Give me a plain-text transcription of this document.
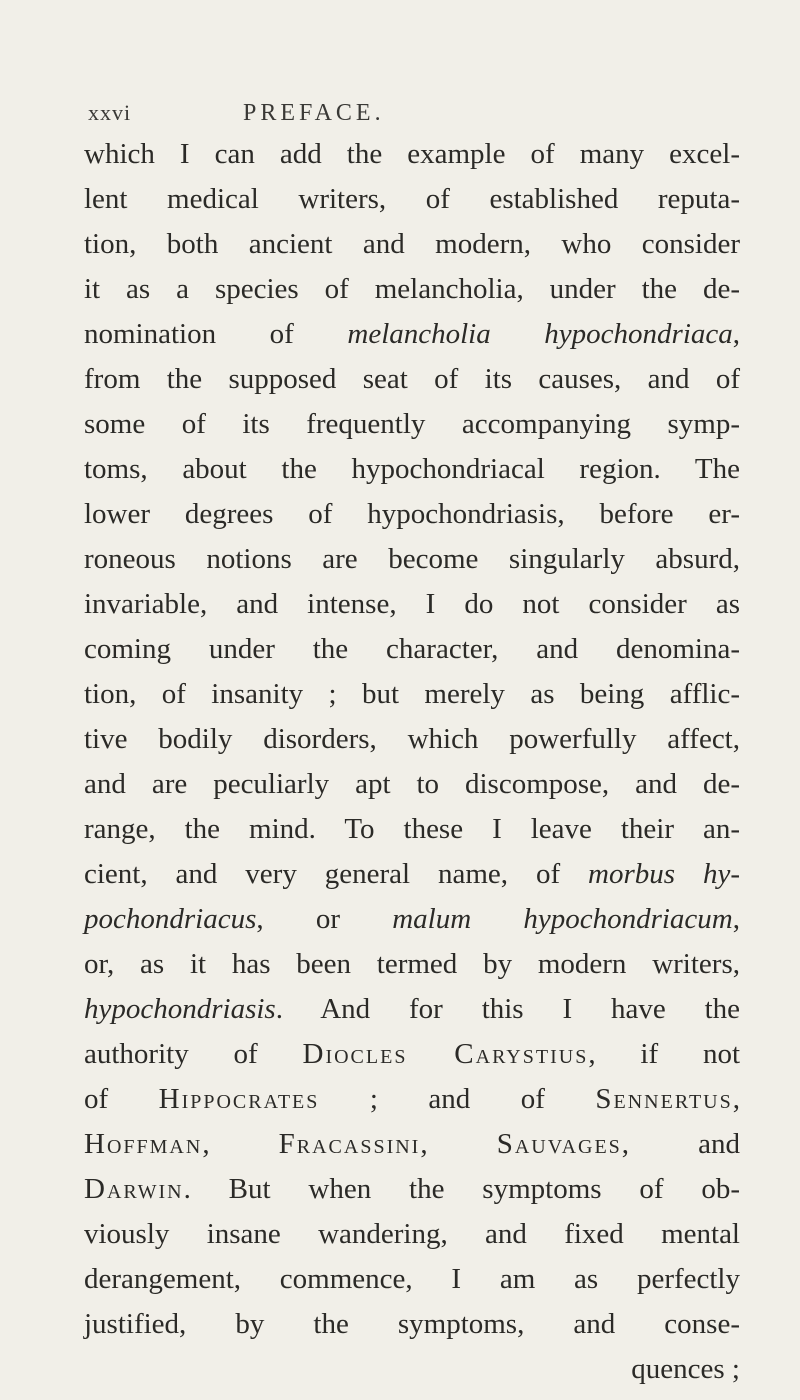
xxvi	PREFACE.
which I can add the example of many excel-
lent medical writers, of established reputa-
tion, both ancient and modern, who consider
it as a species of melancholia, under the de-
nomination of melancholia hypochondriaca,
from the supposed seat of its causes, and of
some of its frequently accompanying symp-
toms, about the hypochondriacal region. The
lower degrees of hypochondriasis, before er-
roneous notions are become singularly absurd,
invariable, and intense, I do not consider as
coming under the character, and denomina-
tion, of insanity ; but merely as being afflic-
tive bodily disorders, which powerfully affect,
and are peculiarly apt to discompose, and de-
range, the mind. To these I leave their an-
cient, and very general name, of morbus hy-
pochondriacus, or malum hypochondriacum,
or, as it has been termed by modern writers,
hypochondriasis. And for this I have the
authority of Diocles Carystius, if not
of Hippocrates ; and of Sennertus,
Hoffman, Fracassini, Sauvages, and
Darwin. But when the symptoms of ob-
viously insane wandering, and fixed mental
derangement, commence, I am as perfectly
justified, by the symptoms, and conse-
quences ;
